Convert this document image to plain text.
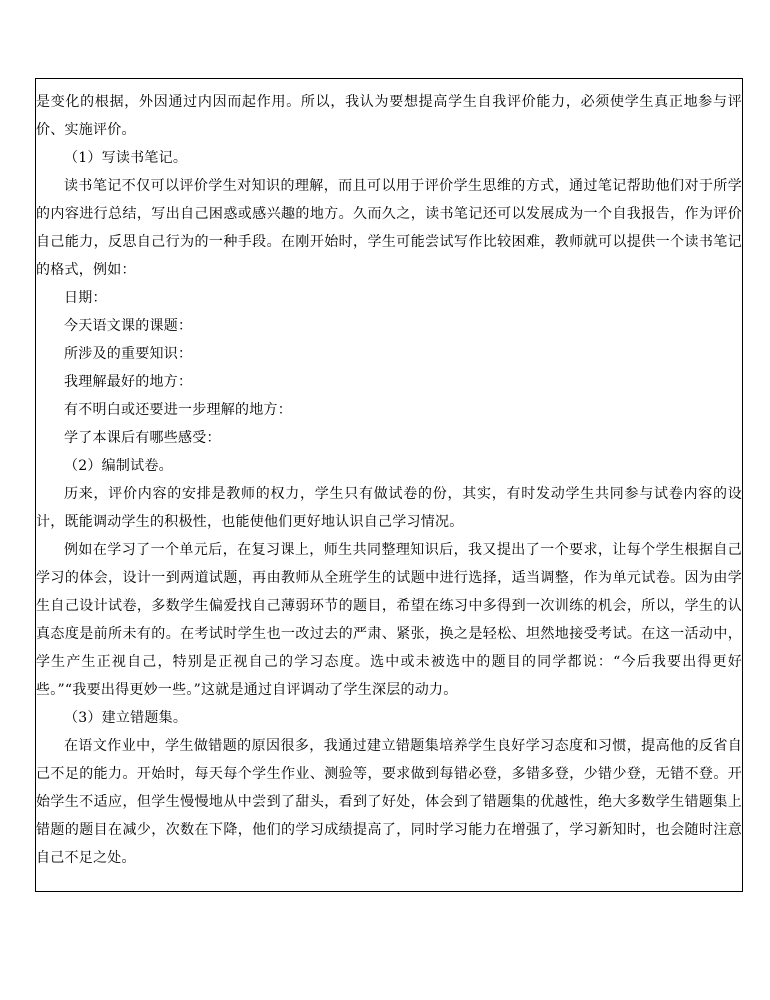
是变化的根据，外因通过内因而起作用。所以，我认为要想提高学生自我评价能力，必须使学生真正地参与评价、实施评价。

（1）写读书笔记。

读书笔记不仅可以评价学生对知识的理解，而且可以用于评价学生思维的方式，通过笔记帮助他们对于所学的内容进行总结，写出自己困惑或感兴趣的地方。久而久之，读书笔记还可以发展成为一个自我报告，作为评价自己能力，反思自己行为的一种手段。在刚开始时，学生可能尝试写作比较困难，教师就可以提供一个读书笔记的格式，例如：

日期：

今天语文课的课题：

所涉及的重要知识：

我理解最好的地方：

有不明白或还要进一步理解的地方：

学了本课后有哪些感受：

（2）编制试卷。

历来，评价内容的安排是教师的权力，学生只有做试卷的份，其实，有时发动学生共同参与试卷内容的设计，既能调动学生的积极性，也能使他们更好地认识自己学习情况。

例如在学习了一个单元后，在复习课上，师生共同整理知识后，我又提出了一个要求，让每个学生根据自己学习的体会，设计一到两道试题，再由教师从全班学生的试题中进行选择，适当调整，作为单元试卷。因为由学生自己设计试卷，多数学生偏爱找自己薄弱环节的题目，希望在练习中多得到一次训练的机会，所以，学生的认真态度是前所未有的。在考试时学生也一改过去的严肃、紧张，换之是轻松、坦然地接受考试。在这一活动中，学生产生正视自己，特别是正视自己的学习态度。选中或未被选中的题目的同学都说：“今后我要出得更好些。”“我要出得更妙一些。”这就是通过自评调动了学生深层的动力。

（3）建立错题集。

在语文作业中，学生做错题的原因很多，我通过建立错题集培养学生良好学习态度和习惯，提高他的反省自己不足的能力。开始时，每天每个学生作业、测验等，要求做到每错必登，多错多登，少错少登，无错不登。开始学生不适应，但学生慢慢地从中尝到了甜头，看到了好处，体会到了错题集的优越性，绝大多数学生错题集上错题的题目在减少，次数在下降，他们的学习成绩提高了，同时学习能力在增强了，学习新知时，也会随时注意自己不足之处。
